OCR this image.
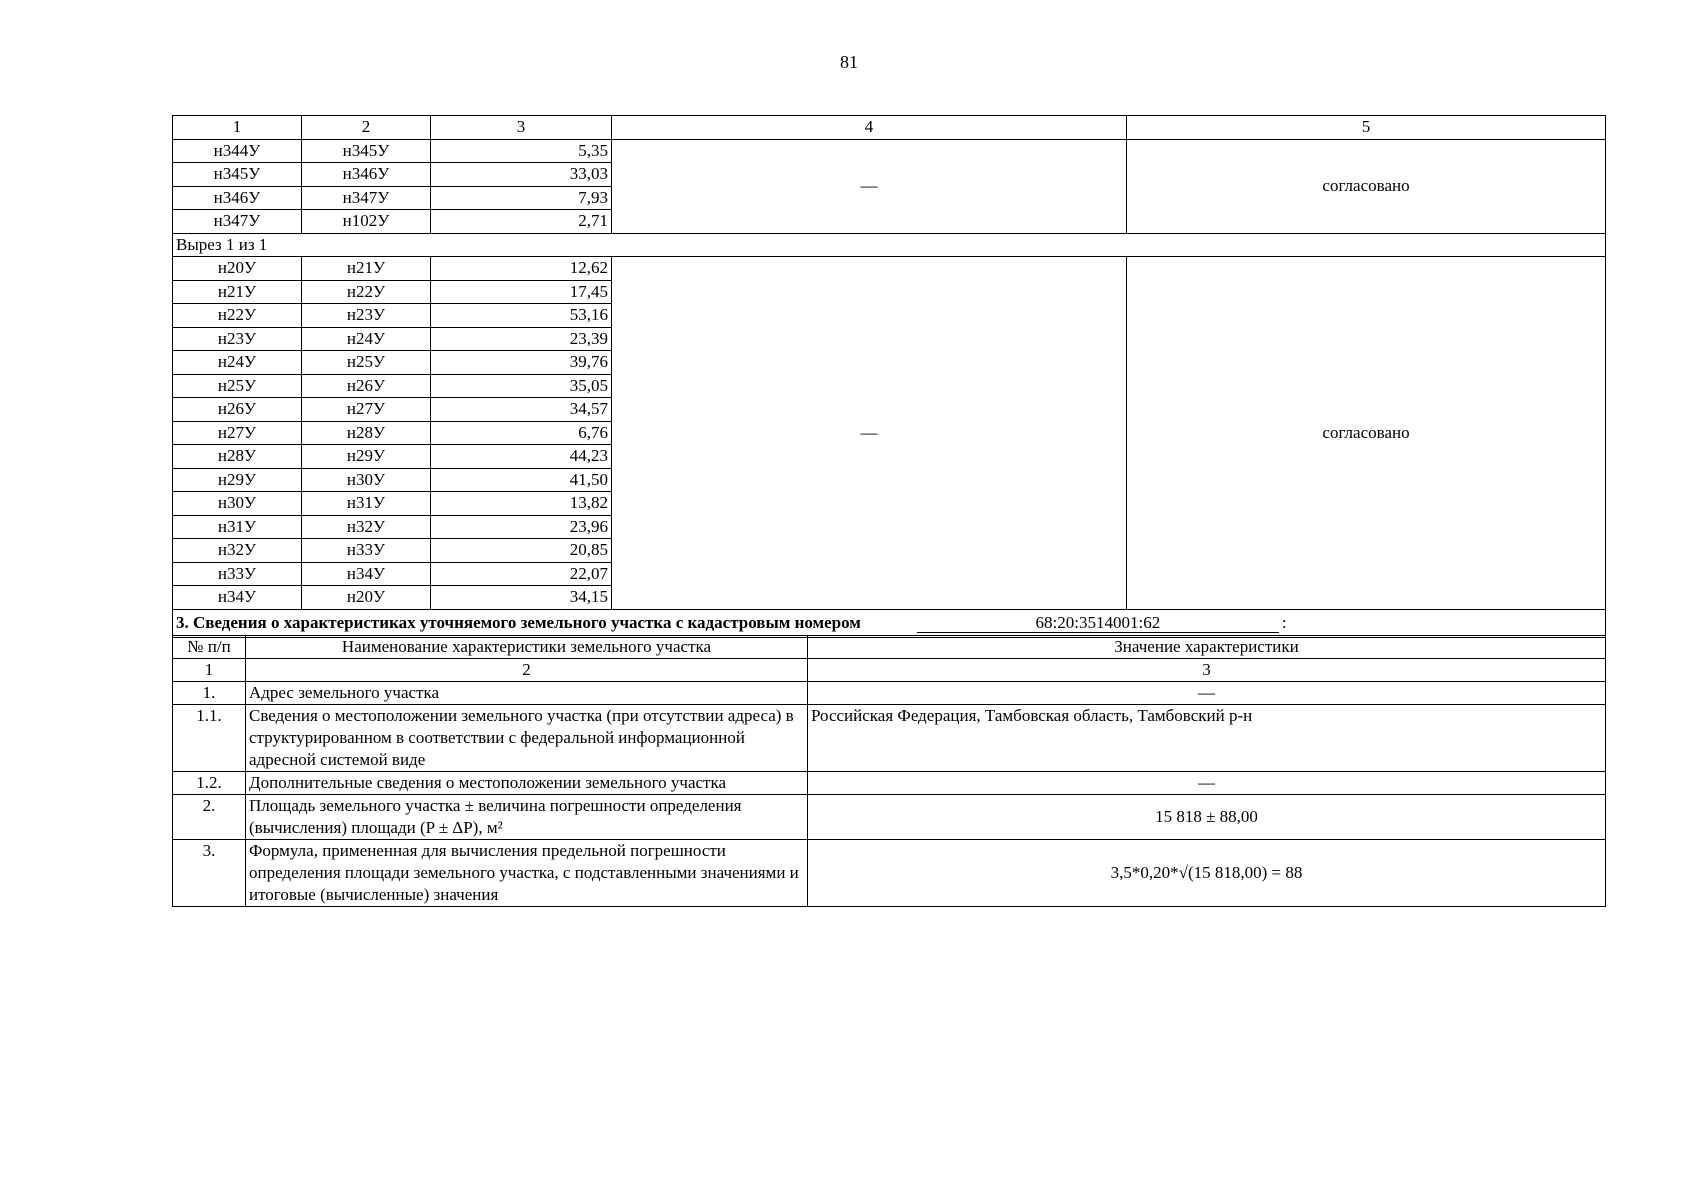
81
1	2	3	4	5
н344У	н345У	5,35	—	согласовано
н345У	н346У	33,03		
н346У	н347У	7,93		
н347У	н102У	2,71		
Вырез 1 из 1				
н20У	н21У	12,62	—	согласовано
н21У	н22У	17,45		
н22У	н23У	53,16		
н23У	н24У	23,39		
н24У	н25У	39,76		
н25У	н26У	35,05		
н26У	н27У	34,57		
н27У	н28У	6,76		
н28У	н29У	44,23		
н29У	н30У	41,50		
н30У	н31У	13,82		
н31У	н32У	23,96		
н32У	н33У	20,85		
н33У	н34У	22,07		
н34У	н20У	34,15		
3. Сведения о характеристиках уточняемого земельного участка с кадастровым номером 68:20:3514001:62 :				
№ п/п	Наименование характеристики земельного участка	Значение характеристики
1	2	3
1.	Адрес земельного участка	—
1.1.	Сведения о местоположении земельного участка (при отсутствии адреса) в структурированном в соответствии с федеральной информационной адресной системой виде	Российская Федерация, Тамбовская область, Тамбовский р-н
1.2.	Дополнительные сведения о местоположении земельного участка	—
2.	Площадь земельного участка ± величина погрешности определения (вычисления) площади (P ± ΔP), м²	15 818 ± 88,00
3.	Формула, примененная для вычисления предельной погрешности определения площади земельного участка, с подставленными значениями и итоговые (вычисленные) значения	3,5*0,20*√(15 818,00) = 88
